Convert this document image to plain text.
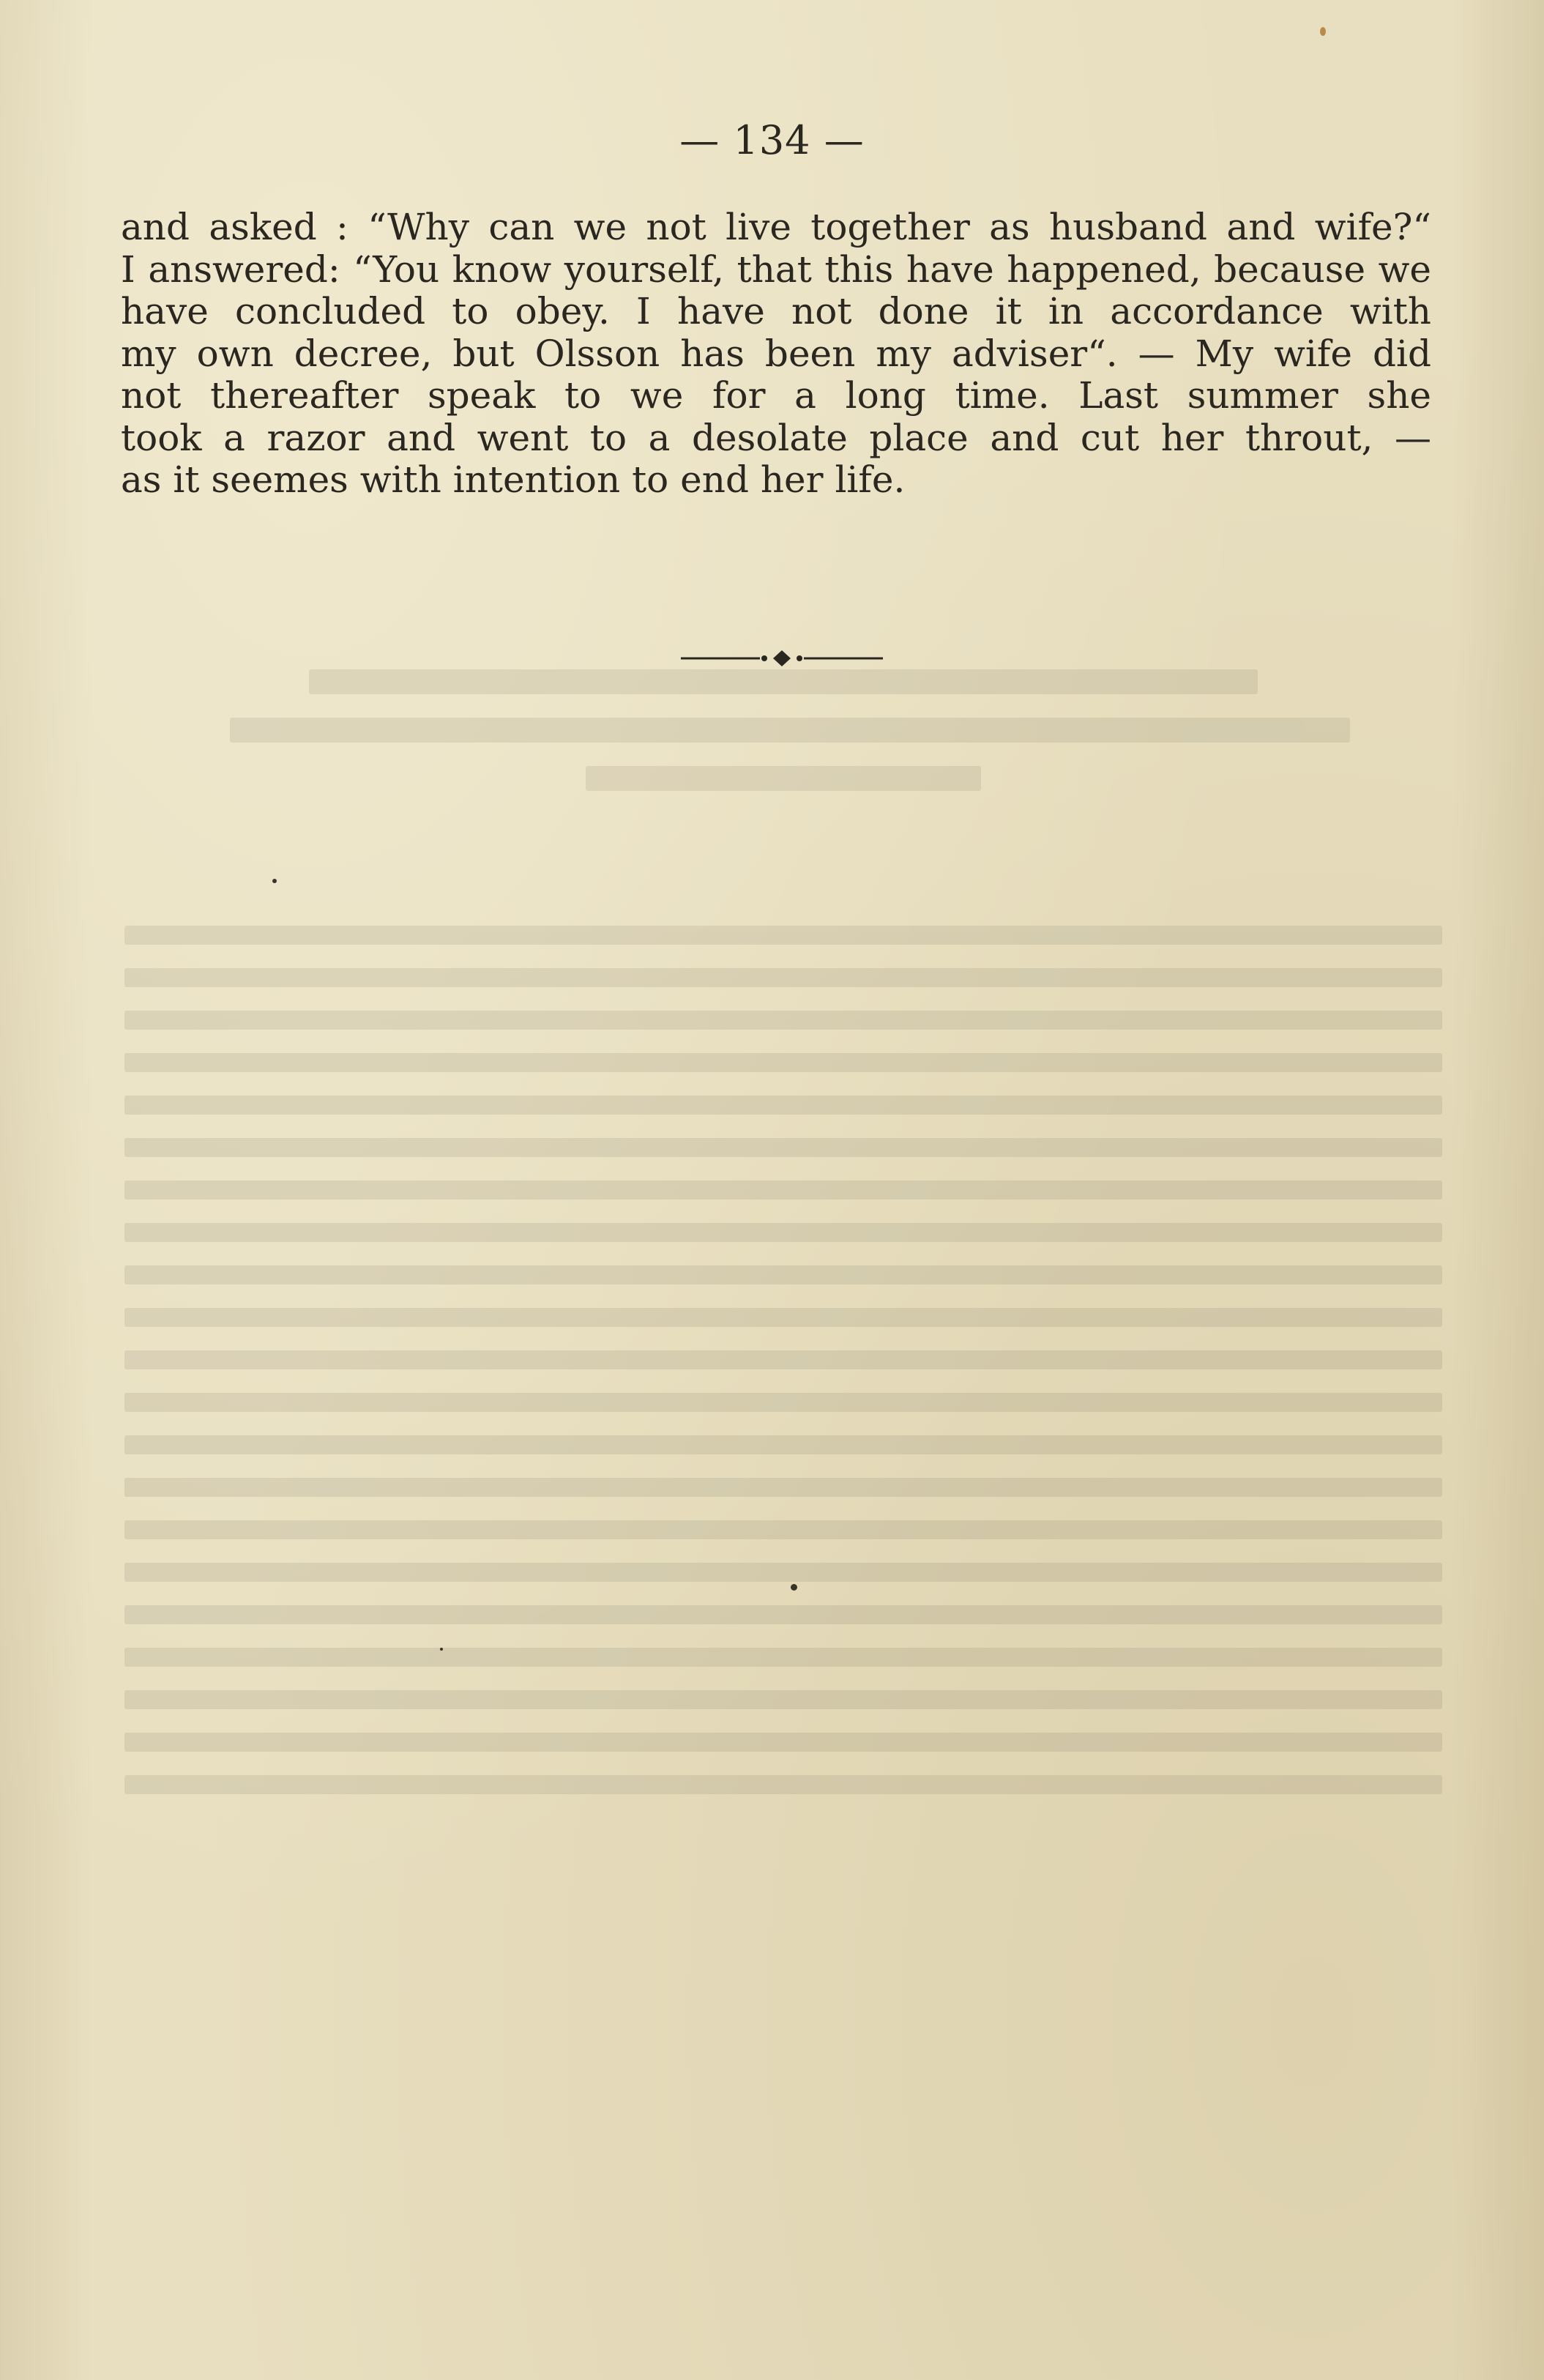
— 134 —
and asked : “Why can we not live together as husband and wife?“
I answered: “You know yourself, that this have happened, because we
have concluded to obey. I have not done it in accordance with
my own decree, but Olsson has been my adviser“. — My wife did
not thereafter speak to we for a long time. Last summer she
took a razor and went to a desolate place and cut her throut, —
as it seemes with intention to end her life.
